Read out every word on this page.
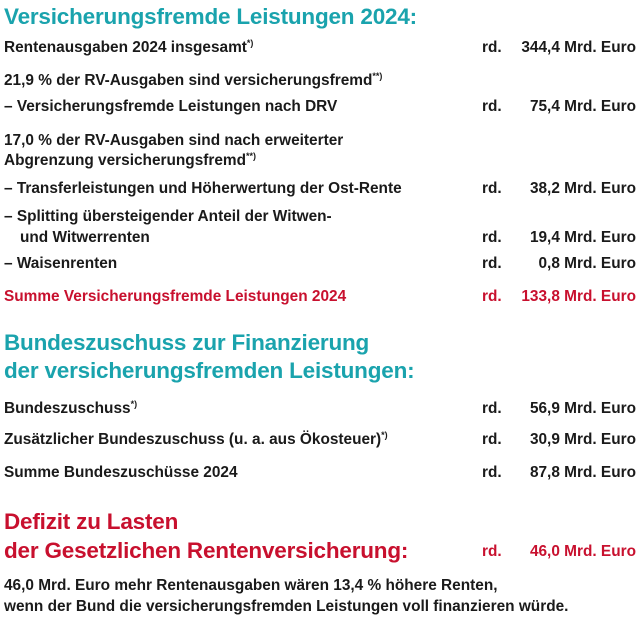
Versicherungsfremde Leistungen 2024:
Rentenausgaben 2024 insgesamt*)	rd. 344,4 Mrd. Euro
21,9 % der RV-Ausgaben sind versicherungsfremd**)
– Versicherungsfremde Leistungen nach DRV	rd. 75,4 Mrd. Euro
17,0 % der RV-Ausgaben sind nach erweiterter
Abgrenzung versicherungsfremd**)
– Transferleistungen und Höherwertung der Ost-Rente	rd. 38,2 Mrd. Euro
– Splitting übersteigender Anteil der Witwen-
und Witwerrenten	rd. 19,4 Mrd. Euro
– Waisenrenten	rd. 0,8 Mrd. Euro
Summe Versicherungsfremde Leistungen 2024	rd. 133,8 Mrd. Euro
Bundeszuschuss zur Finanzierung
der versicherungsfremden Leistungen:
Bundeszuschuss*)	rd. 56,9 Mrd. Euro
Zusätzlicher Bundeszuschuss (u. a. aus Ökosteuer)*)	rd. 30,9 Mrd. Euro
Summe Bundeszuschüsse 2024	rd. 87,8 Mrd. Euro
Defizit zu Lasten
der Gesetzlichen Rentenversicherung:	rd. 46,0 Mrd. Euro
46,0 Mrd. Euro mehr Rentenausgaben wären 13,4 % höhere Renten,
wenn der Bund die versicherungsfremden Leistungen voll finanzieren würde.
